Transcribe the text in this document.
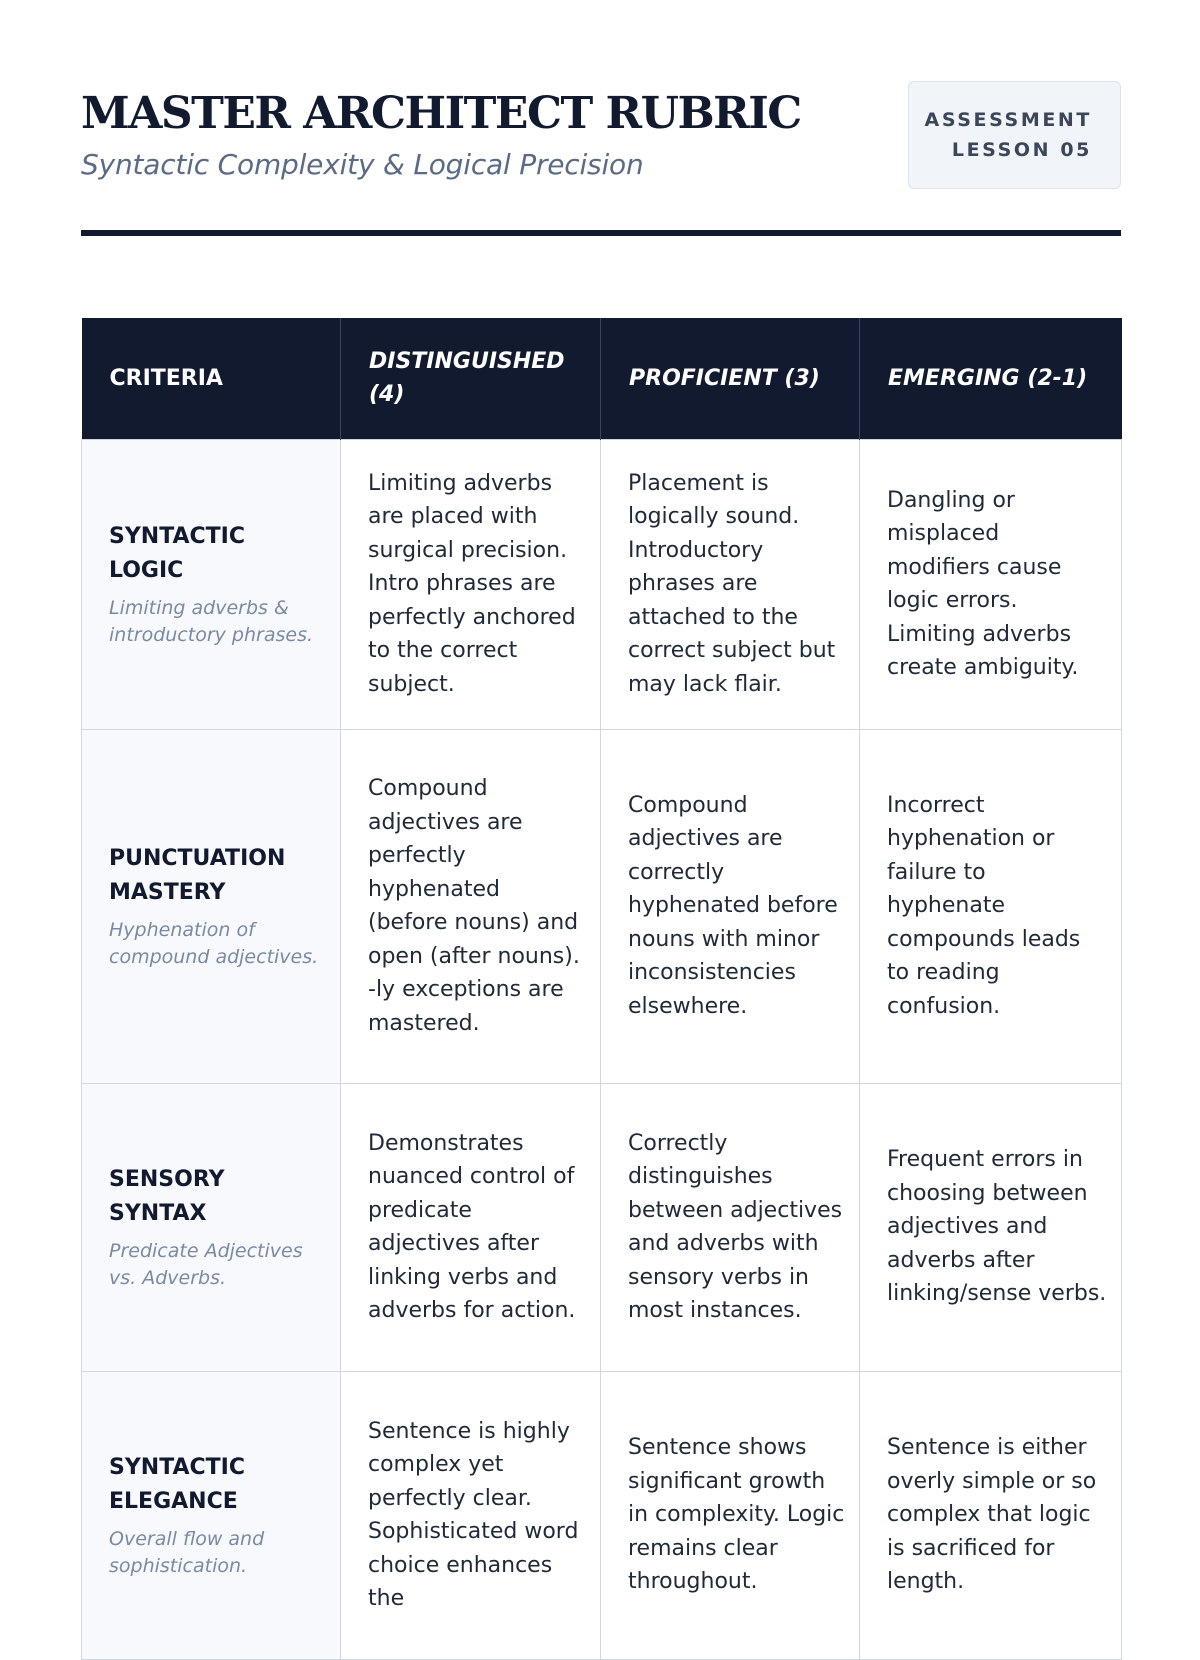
MASTER ARCHITECT RUBRIC
Syntactic Complexity & Logical Precision
ASSESSMENT
LESSON 05
CRITERIA	DISTINGUISHED (4)	PROFICIENT (3)	EMERGING (2-1)

SYNTACTIC
LOGIC
Limiting adverbs & introductory phrases.	Limiting adverbs are placed with surgical precision. Intro phrases are perfectly anchored to the correct subject.	Placement is logically sound. Introductory phrases are attached to the correct subject but may lack flair.	Dangling or misplaced modifiers cause logic errors. Limiting adverbs create ambiguity.

PUNCTUATION
MASTERY
Hyphenation of compound adjectives.	Compound adjectives are perfectly hyphenated (before nouns) and open (after nouns). -ly exceptions are mastered.	Compound adjectives are correctly hyphenated before nouns with minor inconsistencies elsewhere.	Incorrect hyphenation or failure to hyphenate compounds leads to reading confusion.

SENSORY
SYNTAX
Predicate Adjectives vs. Adverbs.	Demonstrates nuanced control of predicate adjectives after linking verbs and adverbs for action.	Correctly distinguishes between adjectives and adverbs with sensory verbs in most instances.	Frequent errors in choosing between adjectives and adverbs after linking/sense verbs.

SYNTACTIC
ELEGANCE
Overall flow and sophistication.	Sentence is highly complex yet perfectly clear. Sophisticated word choice enhances the	Sentence shows significant growth in complexity. Logic remains clear throughout.	Sentence is either overly simple or so complex that logic is sacrificed for length.
